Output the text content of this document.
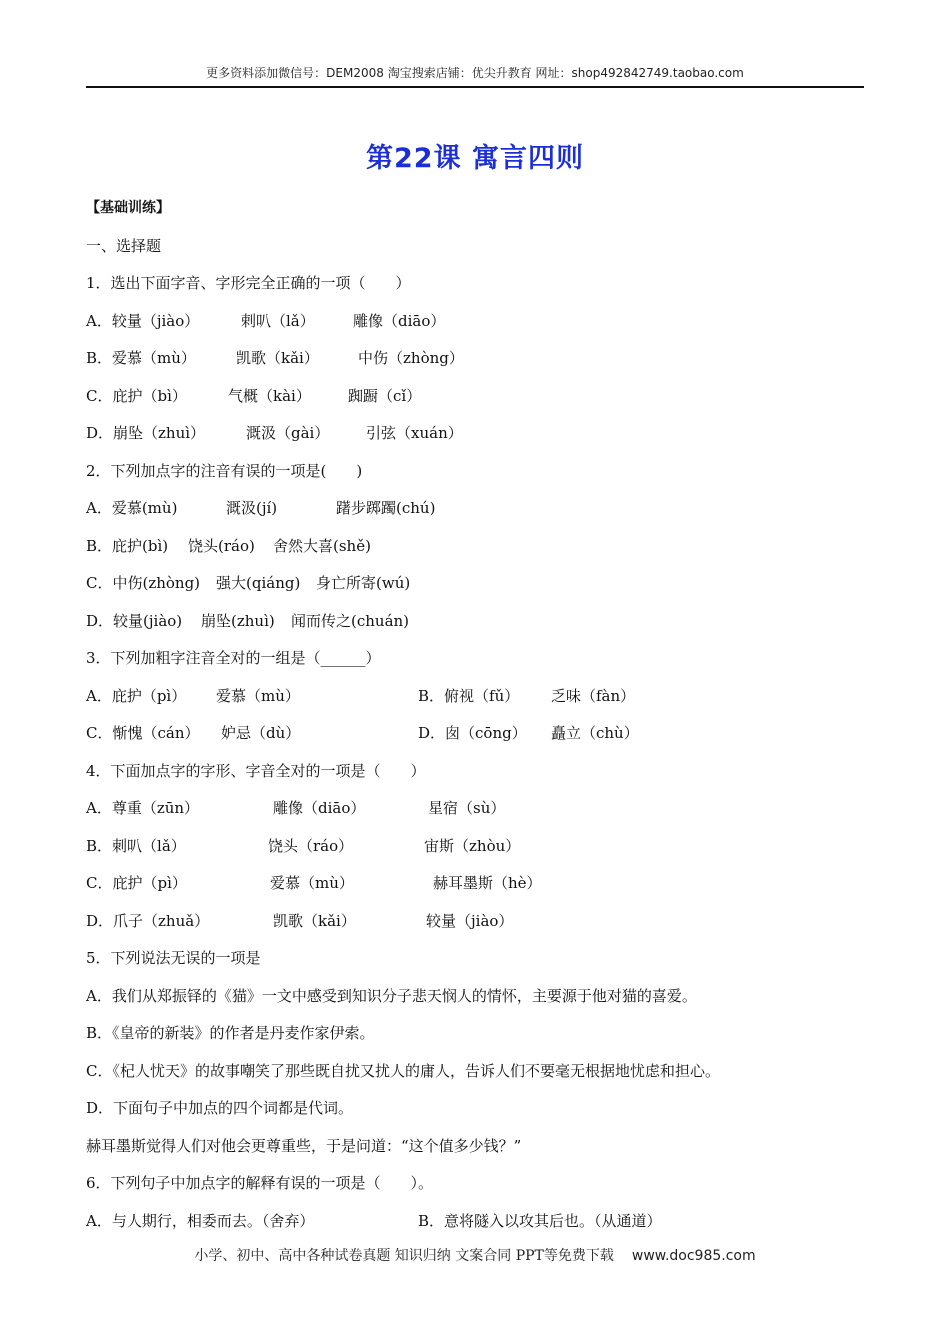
更多资料添加微信号：DEM2008 淘宝搜索店铺：优尖升教育 网址：shop492842749.taobao.com
第22课 寓言四则
【基础训练】
一、选择题
1．选出下面字音、字形完全正确的一项（　　）
A．较量（jiào）	剌叭（lǎ）	雕像（diāo）
B．爱慕（mù）	凯歌（kǎi）	中伤（zhòng）
C．庇护（bì）	气概（kài） 踟蹰（cǐ）
D．崩坠（zhuì）	溉汲（gài） 引弦（xuán）
2．下列加点字的注音有误的一项是(　　)
A．爱慕(mù)	溉汲(jí)	躇步踯躅(chú)
B．庇护(bì) 饶头(ráo) 舍然大喜(shě)
C．中伤(zhòng) 强大(qiáng) 身亡所寄(wú)
D．较量(jiào) 崩坠(zhuì) 闻而传之(chuán)
3．下列加粗字注音全对的一组是（______）
A．庇护（pì） 爱慕（mù）	B．俯视（fǔ） 乏味（fàn）
C．惭愧（cán） 妒忌（dù）	D．囱（cōng） 矗立（chù）
4．下面加点字的字形、字音全对的一项是（　　）
A．尊重（zūn）	雕像（diāo）	星宿（sù）
B．刺叭（lǎ）	饶头（ráo）	宙斯（zhòu）
C．庇护（pì）	爱慕（mù）	赫耳墨斯（hè）
D．爪子（zhuǎ）	凯歌（kǎi）	较量（jiào）
5．下列说法无误的一项是
A．我们从郑振铎的《猫》一文中感受到知识分子悲天悯人的情怀，主要源于他对猫的喜爱。
B．《皇帝的新装》的作者是丹麦作家伊索。
C．《杞人忧天》的故事嘲笑了那些既自扰又扰人的庸人，告诉人们不要毫无根据地忧虑和担心。
D．下面句子中加点的四个词都是代词。
赫耳墨斯觉得人们对他会更尊重些，于是问道：“这个值多少钱？”
6．下列句子中加点字的解释有误的一项是（　　）。
A．与人期行，相委而去。（舍弃）	B．意将隧入以攻其后也。（从通道）
小学、初中、高中各种试卷真题 知识归纳 文案合同 PPT等免费下载 www.doc985.com
